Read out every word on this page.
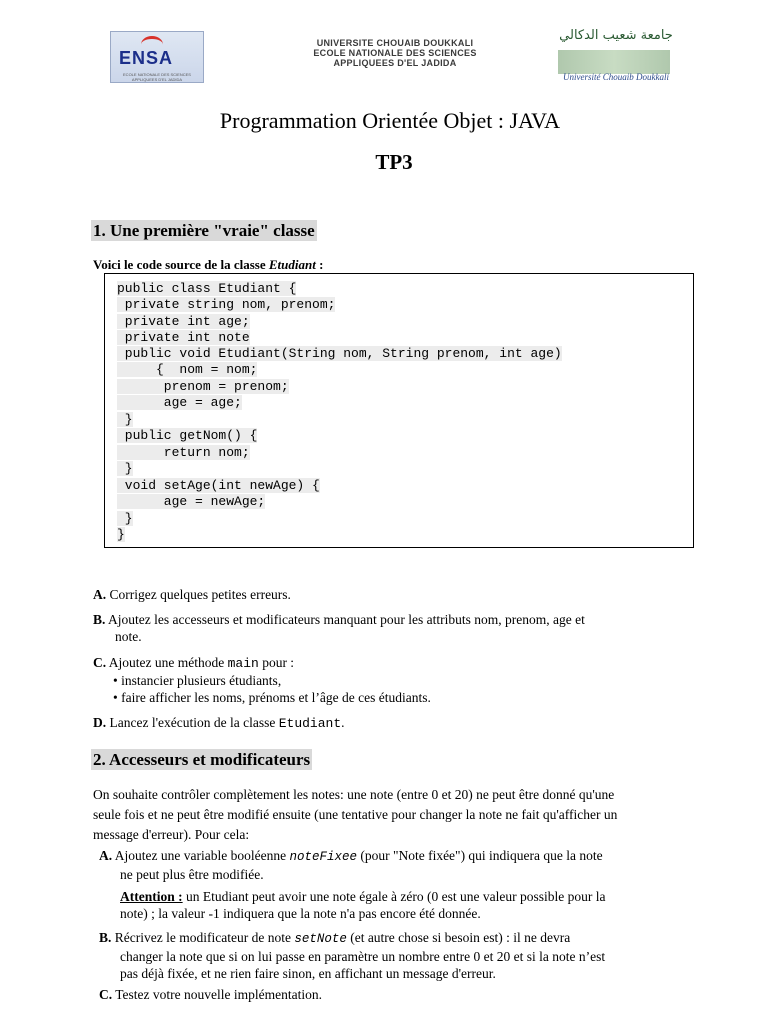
ENSA
ECOLE NATIONALE DES SCIENCES APPLIQUEES D'EL JADIDA
UNIVERSITE CHOUAIB DOUKKALI
ECOLE NATIONALE DES SCIENCES
APPLIQUEES D'EL JADIDA
جامعة شعيب الدكالي
Université Chouaib Doukkali
Programmation Orientée Objet : JAVA
TP3
1. Une première "vraie" classe
Voici le code source de la classe Etudiant :
public class Etudiant {
private string nom, prenom;
private int age;
private int note
public void Etudiant(String nom, String prenom, int age)
{  nom = nom;
prenom = prenom;
age = age;
}
public getNom() {
return nom;
}
void setAge(int newAge) {
age = newAge;
}
}
A. Corrigez quelques petites erreurs.
B. Ajoutez les accesseurs et modificateurs manquant pour les attributs nom, prenom, age et
note.
C. Ajoutez une méthode main pour :
• instancier plusieurs étudiants,
• faire afficher les noms, prénoms et l’âge de ces étudiants.
D. Lancez l'exécution de la classe Etudiant.
2. Accesseurs et modificateurs
On souhaite contrôler complètement les notes: une note (entre 0 et 20) ne peut être donné qu'une
seule fois et ne peut être modifié ensuite (une tentative pour changer la note ne fait qu'afficher un
message d'erreur). Pour cela:
A. Ajoutez une variable booléenne noteFixee (pour "Note fixée") qui indiquera que la note
ne peut plus être modifiée.
Attention : un Etudiant peut avoir une note égale à zéro (0 est une valeur possible pour la
note) ; la valeur -1 indiquera que la note n'a pas encore été donnée.
B. Récrivez le modificateur de note setNote (et autre chose si besoin est) : il ne devra
changer la note que si on lui passe en paramètre un nombre entre 0 et 20 et si la note n’est
pas déjà fixée, et ne rien faire sinon, en affichant un message d'erreur.
C. Testez votre nouvelle implémentation.
